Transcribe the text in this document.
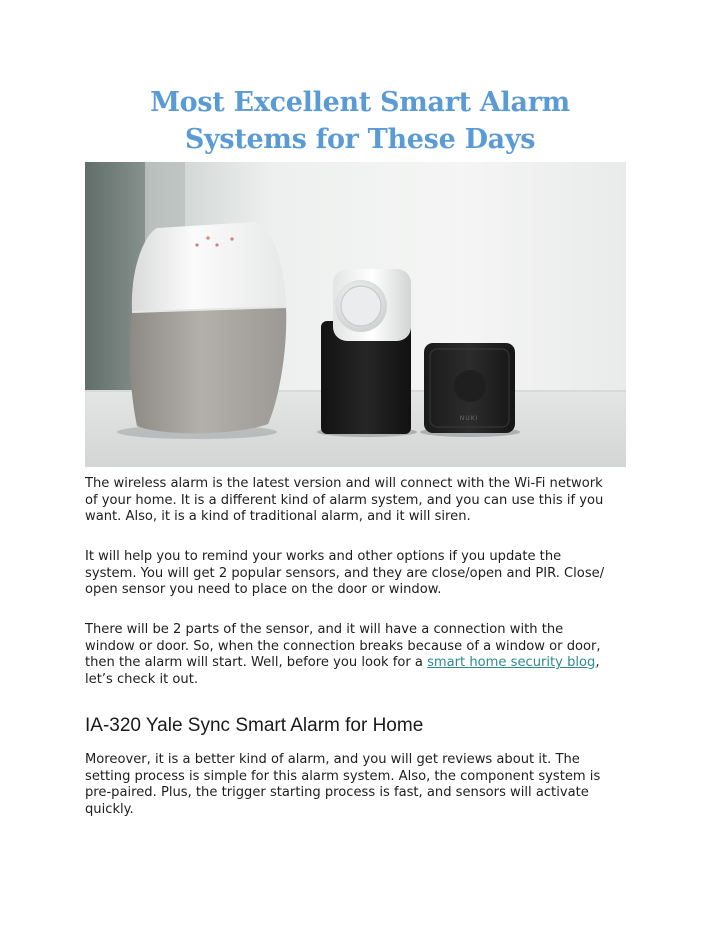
Most Excellent Smart Alarm
Systems for These Days
NUKI

The wireless alarm is the latest version and will connect with the Wi-Fi network
of your home. It is a different kind of alarm system, and you can use this if you
want. Also, it is a kind of traditional alarm, and it will siren.

It will help you to remind your works and other options if you update the
system. You will get 2 popular sensors, and they are close/open and PIR. Close/
open sensor you need to place on the door or window.

There will be 2 parts of the sensor, and it will have a connection with the
window or door. So, when the connection breaks because of a window or door,
then the alarm will start. Well, before you look for a smart home security blog,
let’s check it out.

IA-320 Yale Sync Smart Alarm for Home

Moreover, it is a better kind of alarm, and you will get reviews about it. The
setting process is simple for this alarm system. Also, the component system is
pre-paired. Plus, the trigger starting process is fast, and sensors will activate
quickly.
